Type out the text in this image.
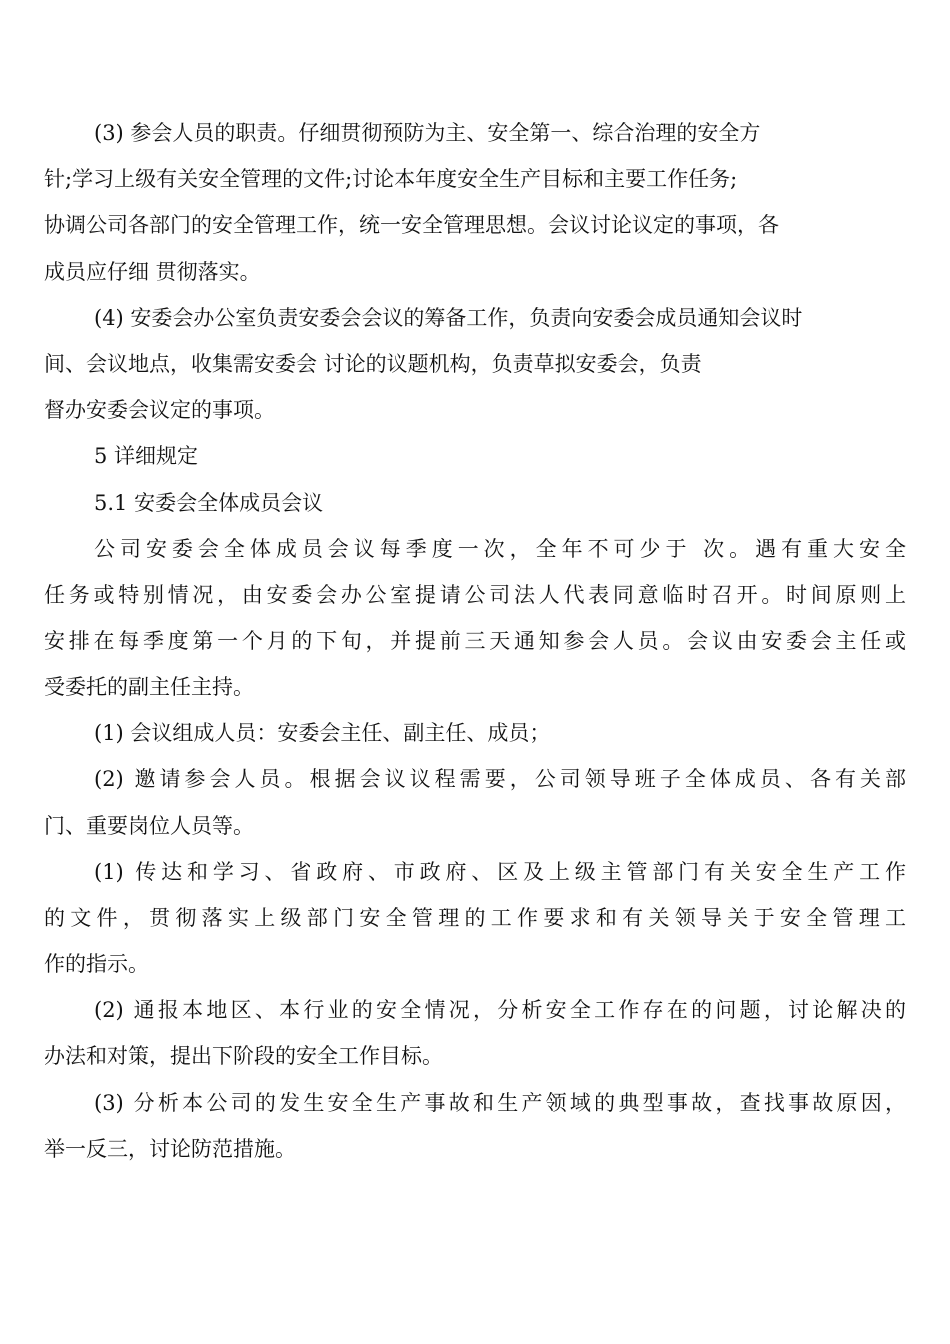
(3) 参会人员的职责。仔细贯彻预防为主、安全第一、综合治理的安全方
针;学习上级有关安全管理的文件;讨论本年度安全生产目标和主要工作任务;
协调公司各部门的安全管理工作，统一安全管理思想。会议讨论议定的事项，各
成员应仔细 贯彻落实。
(4) 安委会办公室负责安委会会议的筹备工作，负责向安委会成员通知会议时
间、会议地点，收集需安委会 讨论的议题机构，负责草拟安委会，负责
督办安委会议定的事项。
5 详细规定
5.1 安委会全体成员会议
公司安委会全体成员会议每季度一次，全年不可少于 次。遇有重大安全
任务或特别情况，由安委会办公室提请公司法人代表同意临时召开。时间原则上
安排在每季度第一个月的下旬，并提前三天通知参会人员。会议由安委会主任或
受委托的副主任主持。
(1) 会议组成人员：安委会主任、副主任、成员；
(2) 邀请参会人员。根据会议议程需要，公司领导班子全体成员、各有关部
门、重要岗位人员等。
(1) 传达和学习、省政府、市政府、区及上级主管部门有关安全生产工作
的文件，贯彻落实上级部门安全管理的工作要求和有关领导关于安全管理工
作的指示。
(2) 通报本地区、本行业的安全情况，分析安全工作存在的问题，讨论解决的
办法和对策，提出下阶段的安全工作目标。
(3) 分析本公司的发生安全生产事故和生产领域的典型事故，查找事故原因，
举一反三，讨论防范措施。
